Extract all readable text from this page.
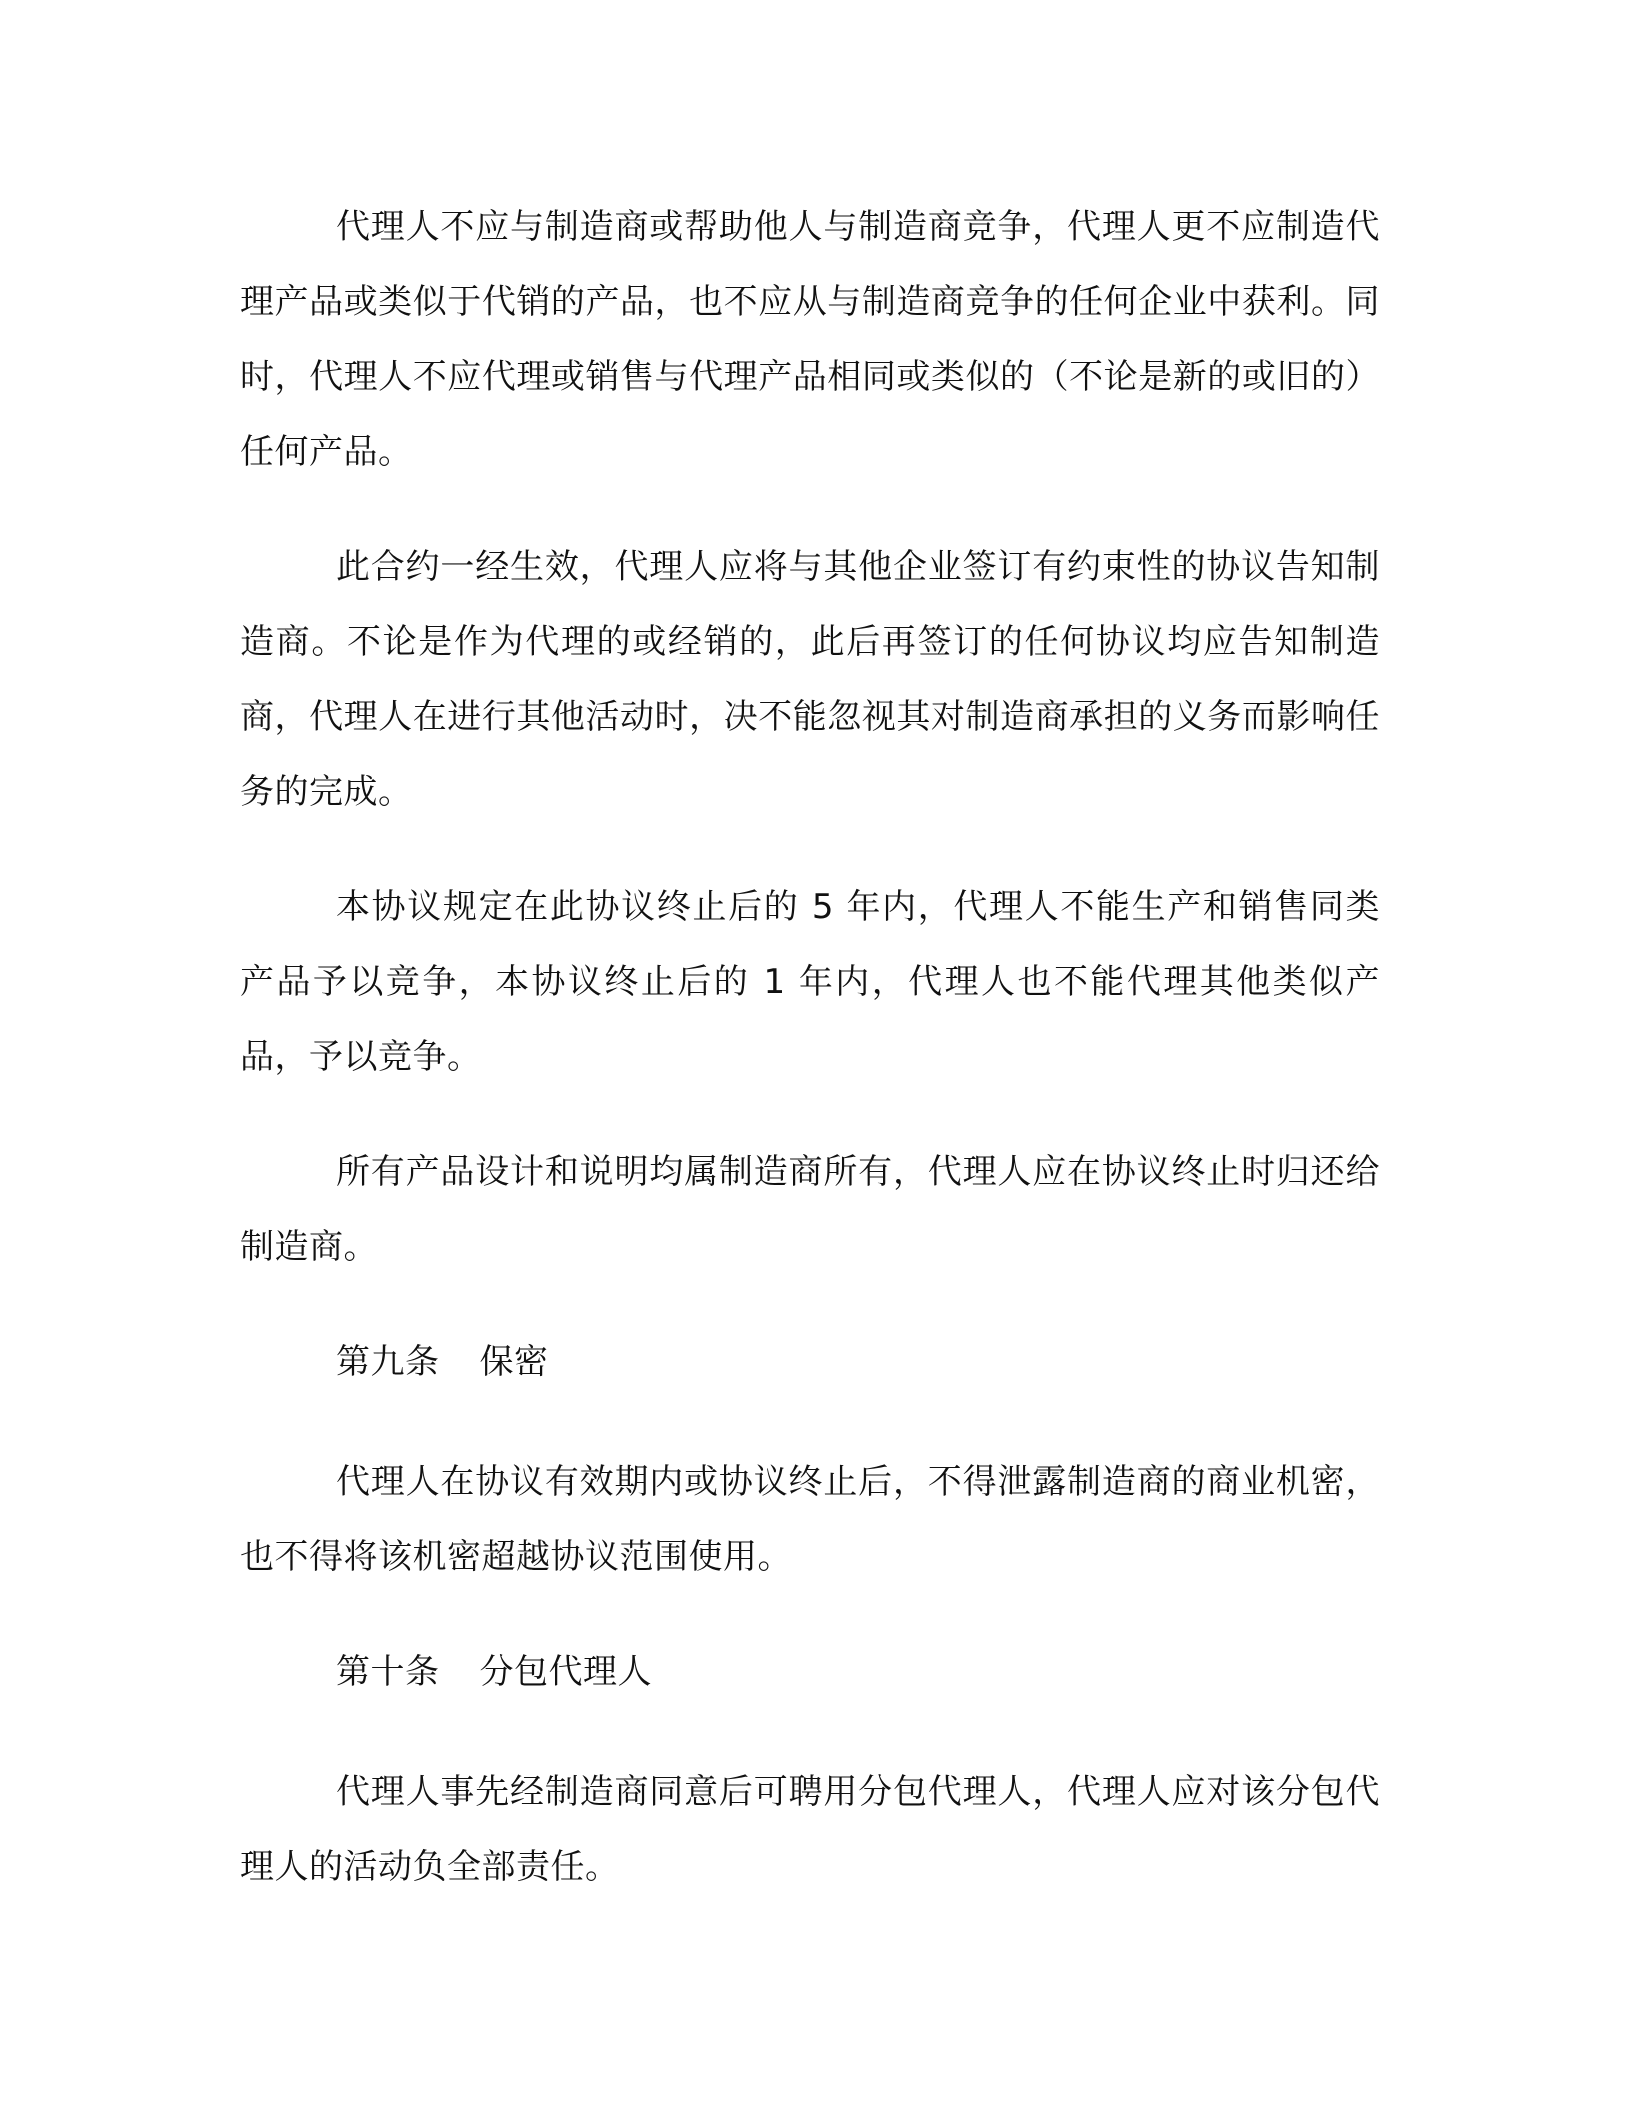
代理人不应与制造商或帮助他人与制造商竞争，代理人更不应制造代理产品或类似于代销的产品，也不应从与制造商竞争的任何企业中获利。同时，代理人不应代理或销售与代理产品相同或类似的（不论是新的或旧的）任何产品。

此合约一经生效，代理人应将与其他企业签订有约束性的协议告知制造商。不论是作为代理的或经销的，此后再签订的任何协议均应告知制造商，代理人在进行其他活动时，决不能忽视其对制造商承担的义务而影响任务的完成。

本协议规定在此协议终止后的 5 年内，代理人不能生产和销售同类产品予以竞争，本协议终止后的 1 年内，代理人也不能代理其他类似产品，予以竞争。

所有产品设计和说明均属制造商所有，代理人应在协议终止时归还给制造商。

第九条 保密

代理人在协议有效期内或协议终止后，不得泄露制造商的商业机密，也不得将该机密超越协议范围使用。

第十条 分包代理人

代理人事先经制造商同意后可聘用分包代理人，代理人应对该分包代理人的活动负全部责任。
